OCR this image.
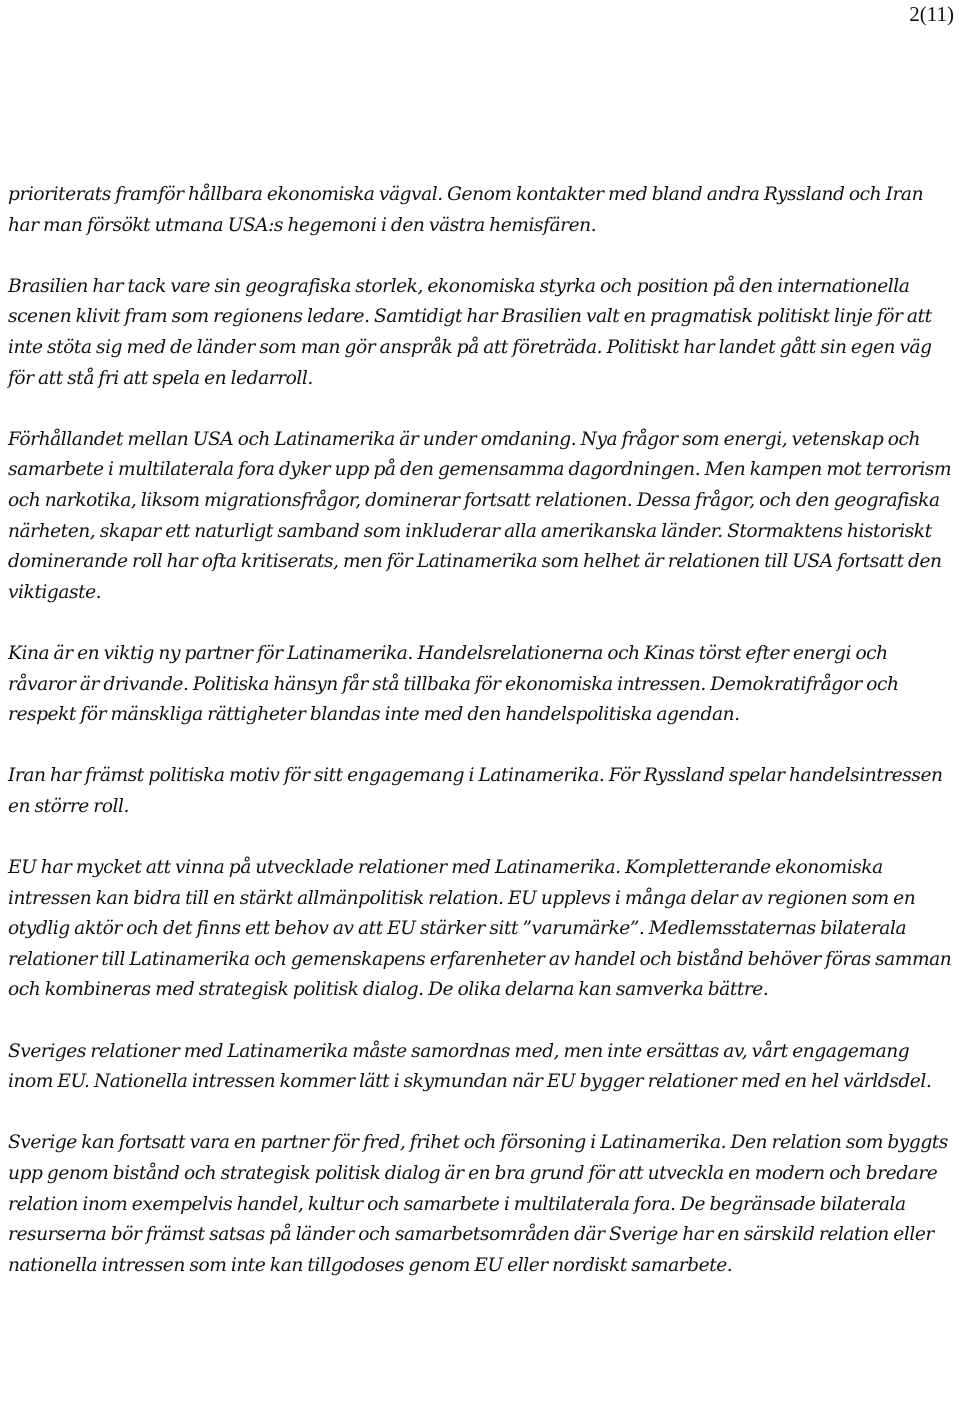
2(11)

prioriterats framför hållbara ekonomiska vägval. Genom kontakter med bland andra Ryssland och Iran har man försökt utmana USA:s hegemoni i den västra hemisfären.

Brasilien har tack vare sin geografiska storlek, ekonomiska styrka och position på den internationella scenen klivit fram som regionens ledare. Samtidigt har Brasilien valt en pragmatisk politiskt linje för att inte stöta sig med de länder som man gör anspråk på att företräda. Politiskt har landet gått sin egen väg för att stå fri att spela en ledarroll.

Förhållandet mellan USA och Latinamerika är under omdaning. Nya frågor som energi, vetenskap och samarbete i multilaterala fora dyker upp på den gemensamma dagordningen. Men kampen mot terrorism och narkotika, liksom migrationsfrågor, dominerar fortsatt relationen. Dessa frågor, och den geografiska närheten, skapar ett naturligt samband som inkluderar alla amerikanska länder. Stormaktens historiskt dominerande roll har ofta kritiserats, men för Latinamerika som helhet är relationen till USA fortsatt den viktigaste.

Kina är en viktig ny partner för Latinamerika. Handelsrelationerna och Kinas törst efter energi och råvaror är drivande. Politiska hänsyn får stå tillbaka för ekonomiska intressen. Demokratifrågor och respekt för mänskliga rättigheter blandas inte med den handelspolitiska agendan.

Iran har främst politiska motiv för sitt engagemang i Latinamerika. För Ryssland spelar handelsintressen en större roll.

EU har mycket att vinna på utvecklade relationer med Latinamerika. Kompletterande ekonomiska intressen kan bidra till en stärkt allmänpolitisk relation. EU upplevs i många delar av regionen som en otydlig aktör och det finns ett behov av att EU stärker sitt ”varumärke”. Medlemsstaternas bilaterala relationer till Latinamerika och gemenskapens erfarenheter av handel och bistånd behöver föras samman och kombineras med strategisk politisk dialog. De olika delarna kan samverka bättre.

Sveriges relationer med Latinamerika måste samordnas med, men inte ersättas av, vårt engagemang inom EU. Nationella intressen kommer lätt i skymundan när EU bygger relationer med en hel världsdel.

Sverige kan fortsatt vara en partner för fred, frihet och försoning i Latinamerika. Den relation som byggts upp genom bistånd och strategisk politisk dialog är en bra grund för att utveckla en modern och bredare relation inom exempelvis handel, kultur och samarbete i multilaterala fora. De begränsade bilaterala resurserna bör främst satsas på länder och samarbetsområden där Sverige har en särskild relation eller nationella intressen som inte kan tillgodoses genom EU eller nordiskt samarbete.
